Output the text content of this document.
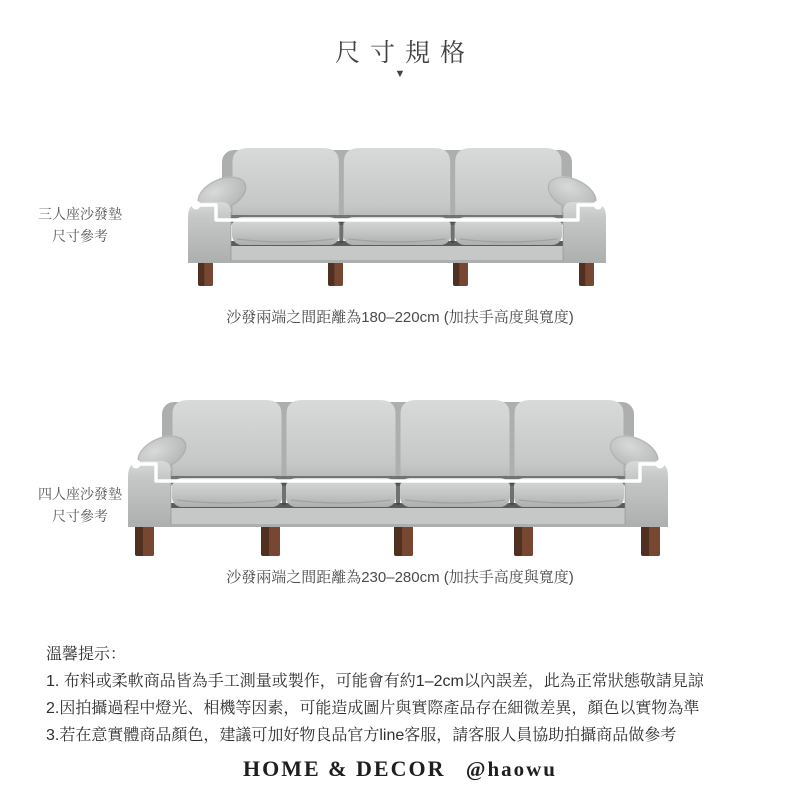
尺寸規格
▼
三人座沙發墊
尺寸參考
沙發兩端之間距離為180–220cm (加扶手高度與寬度)
四人座沙發墊
尺寸參考
沙發兩端之間距離為230–280cm (加扶手高度與寬度)

溫馨提示：

1. 布料或柔軟商品皆為手工測量或製作，可能會有約1–2cm以內誤差，此為正常狀態敬請見諒

2.因拍攝過程中燈光、相機等因素，可能造成圖片與實際產品存在細微差異，顏色以實物為準

3.若在意實體商品顏色，建議可加好物良品官方line客服，請客服人員協助拍攝商品做參考

HOME & DECOR @haowu
